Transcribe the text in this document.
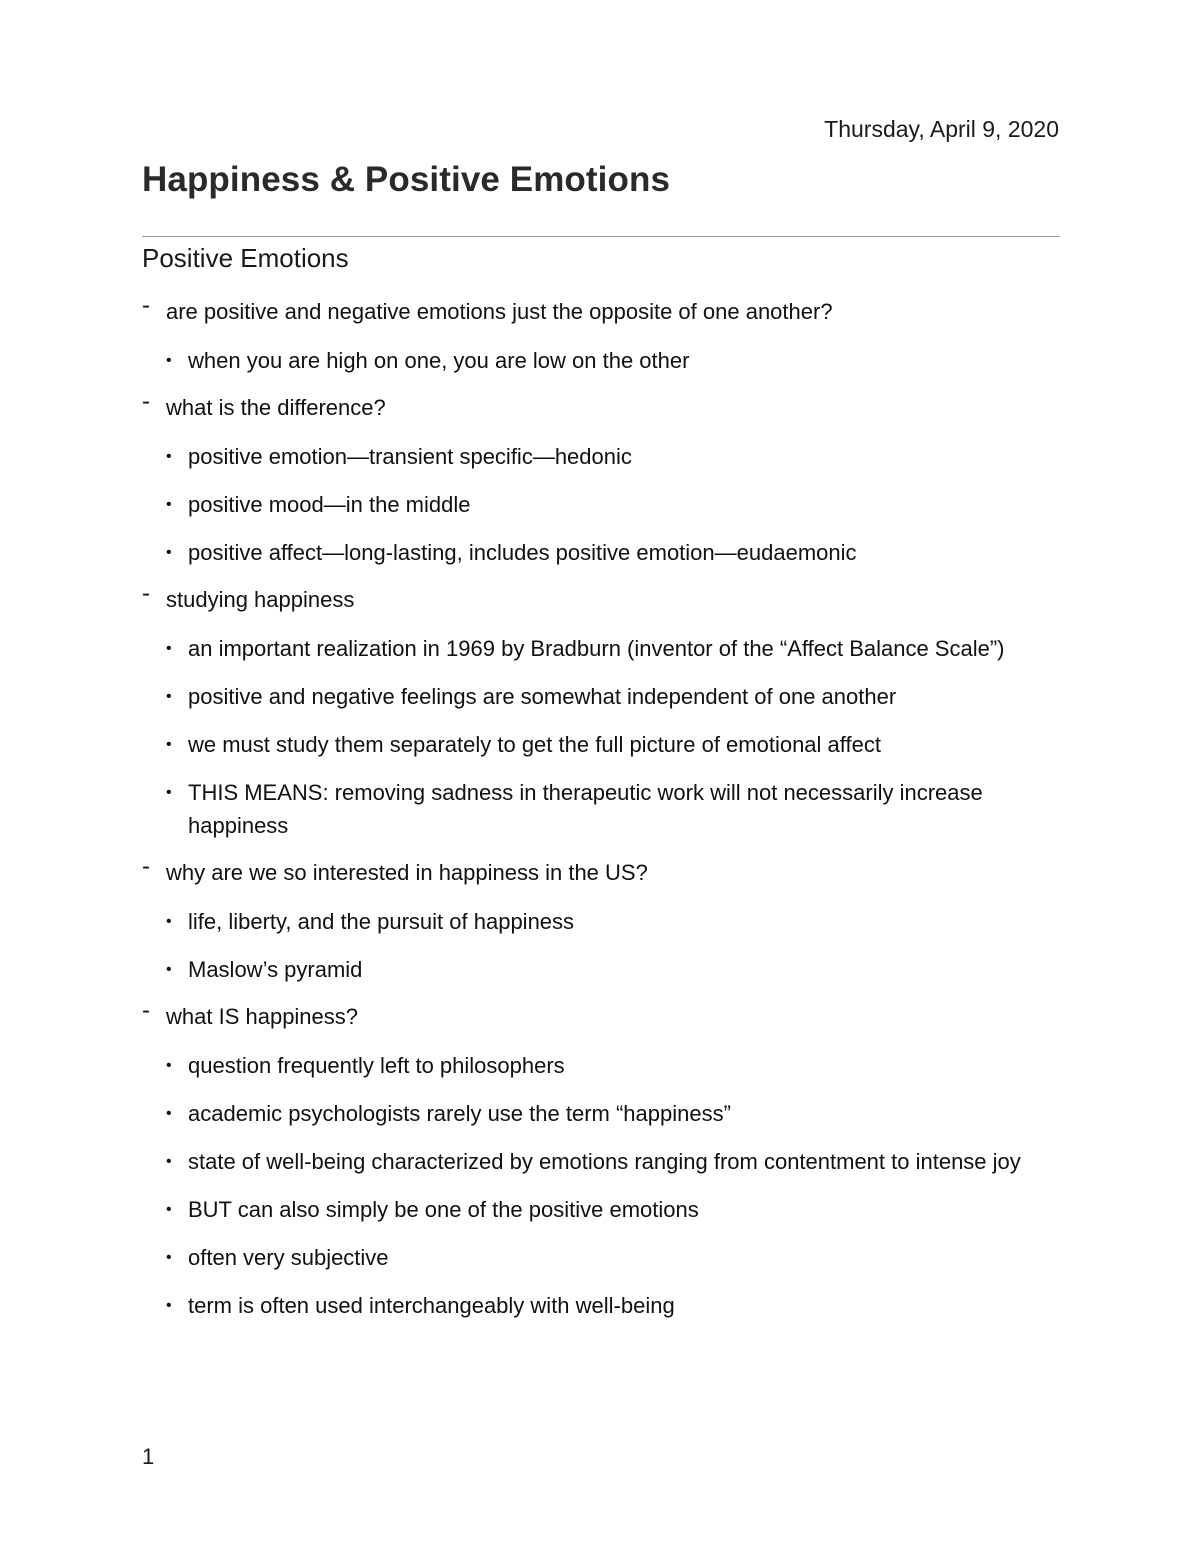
Thursday, April 9, 2020
Happiness & Positive Emotions
Positive Emotions
- are positive and negative emotions just the opposite of one another?
• when you are high on one, you are low on the other
- what is the difference?
• positive emotion—transient specific—hedonic
• positive mood—in the middle
• positive affect—long-lasting, includes positive emotion—eudaemonic
- studying happiness
• an important realization in 1969 by Bradburn (inventor of the “Affect Balance Scale”)
• positive and negative feelings are somewhat independent of one another
• we must study them separately to get the full picture of emotional affect
• THIS MEANS: removing sadness in therapeutic work will not necessarily increase happiness
- why are we so interested in happiness in the US?
• life, liberty, and the pursuit of happiness
• Maslow’s pyramid
- what IS happiness?
• question frequently left to philosophers
• academic psychologists rarely use the term “happiness”
• state of well-being characterized by emotions ranging from contentment to intense joy
• BUT can also simply be one of the positive emotions
• often very subjective
• term is often used interchangeably with well-being
1
